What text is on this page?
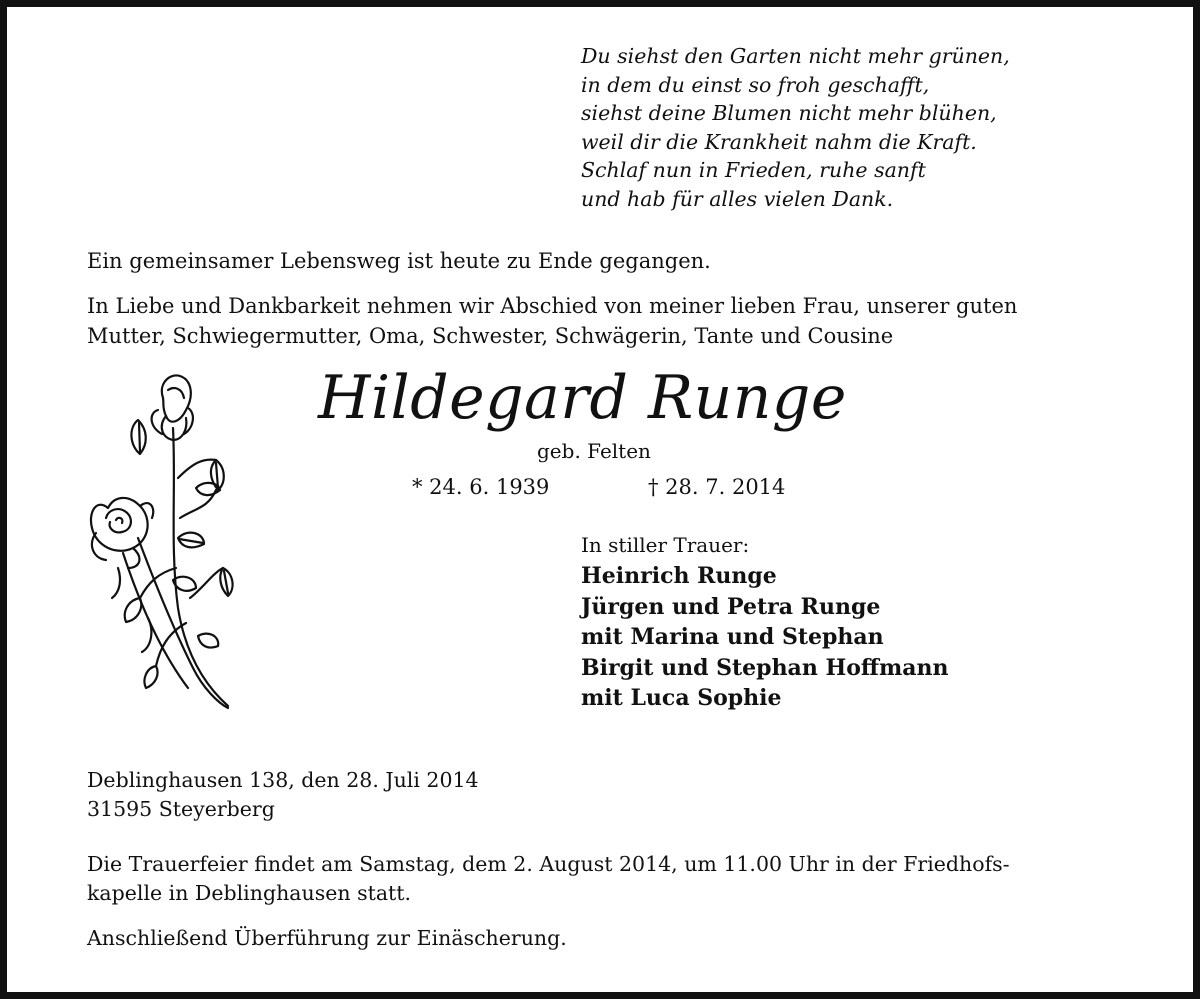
Du siehst den Garten nicht mehr grünen,
in dem du einst so froh geschafft,
siehst deine Blumen nicht mehr blühen,
weil dir die Krankheit nahm die Kraft.
Schlaf nun in Frieden, ruhe sanft
und hab für alles vielen Dank.
Ein gemeinsamer Lebensweg ist heute zu Ende gegangen.
In Liebe und Dankbarkeit nehmen wir Abschied von meiner lieben Frau, unserer guten
Mutter, Schwiegermutter, Oma, Schwester, Schwägerin, Tante und Cousine
Hildegard Runge
geb. Felten
* 24. 6. 1939	† 28. 7. 2014
In stiller Trauer:
Heinrich Runge
Jürgen und Petra Runge
mit Marina und Stephan
Birgit und Stephan Hoffmann
mit Luca Sophie
Deblinghausen 138, den 28. Juli 2014
31595 Steyerberg
Die Trauerfeier findet am Samstag, dem 2. August 2014, um 11.00 Uhr in der Friedhofs-
kapelle in Deblinghausen statt.
Anschließend Überführung zur Einäscherung.
